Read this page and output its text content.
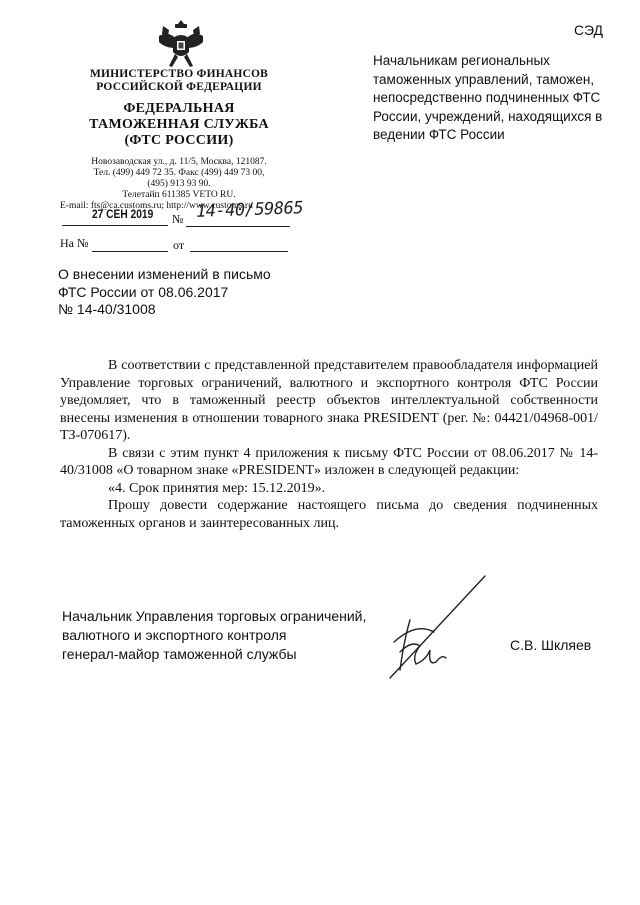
СЭД
МИНИСТЕРСТВО ФИНАНСОВ
РОССИЙСКОЙ ФЕДЕРАЦИИ
ФЕДЕРАЛЬНАЯ
ТАМОЖЕННАЯ СЛУЖБА
(ФТС РОССИИ)
Новозаводская ул., д. 11/5, Москва, 121087.
Тел. (499) 449 72 35. Факс (499) 449 73 00,
(495) 913 93 90.
Телетайп 611385 VETO RU.
E-mail: fts@ca.customs.ru; http://www.customs.ru
27 СЕН 2019 № 14-40/59865
На №	от
Начальникам региональных таможенных управлений, таможен, непосредственно подчиненных ФТС России, учреждений, находящихся в ведении ФТС России
О внесении изменений в письмо
ФТС России от 08.06.2017
№ 14-40/31008

В соответствии с представленной представителем правообладателя информацией Управление торговых ограничений, валютного и экспортного контроля ФТС России уведомляет, что в таможенный реестр объектов интеллектуальной собственности внесены изменения в отношении товарного знака PRESIDENT (рег. №: 04421/04968-001/ТЗ-070617).

В связи с этим пункт 4 приложения к письму ФТС России от 08.06.2017 № 14-40/31008 «О товарном знаке «PRESIDENT» изложен в следующей редакции:

«4. Срок принятия мер: 15.12.2019».

Прошу довести содержание настоящего письма до сведения подчиненных таможенных органов и заинтересованных лиц.

Начальник Управления торговых ограничений,
валютного и экспортного контроля
генерал-майор таможенной службы
С.В. Шкляев
